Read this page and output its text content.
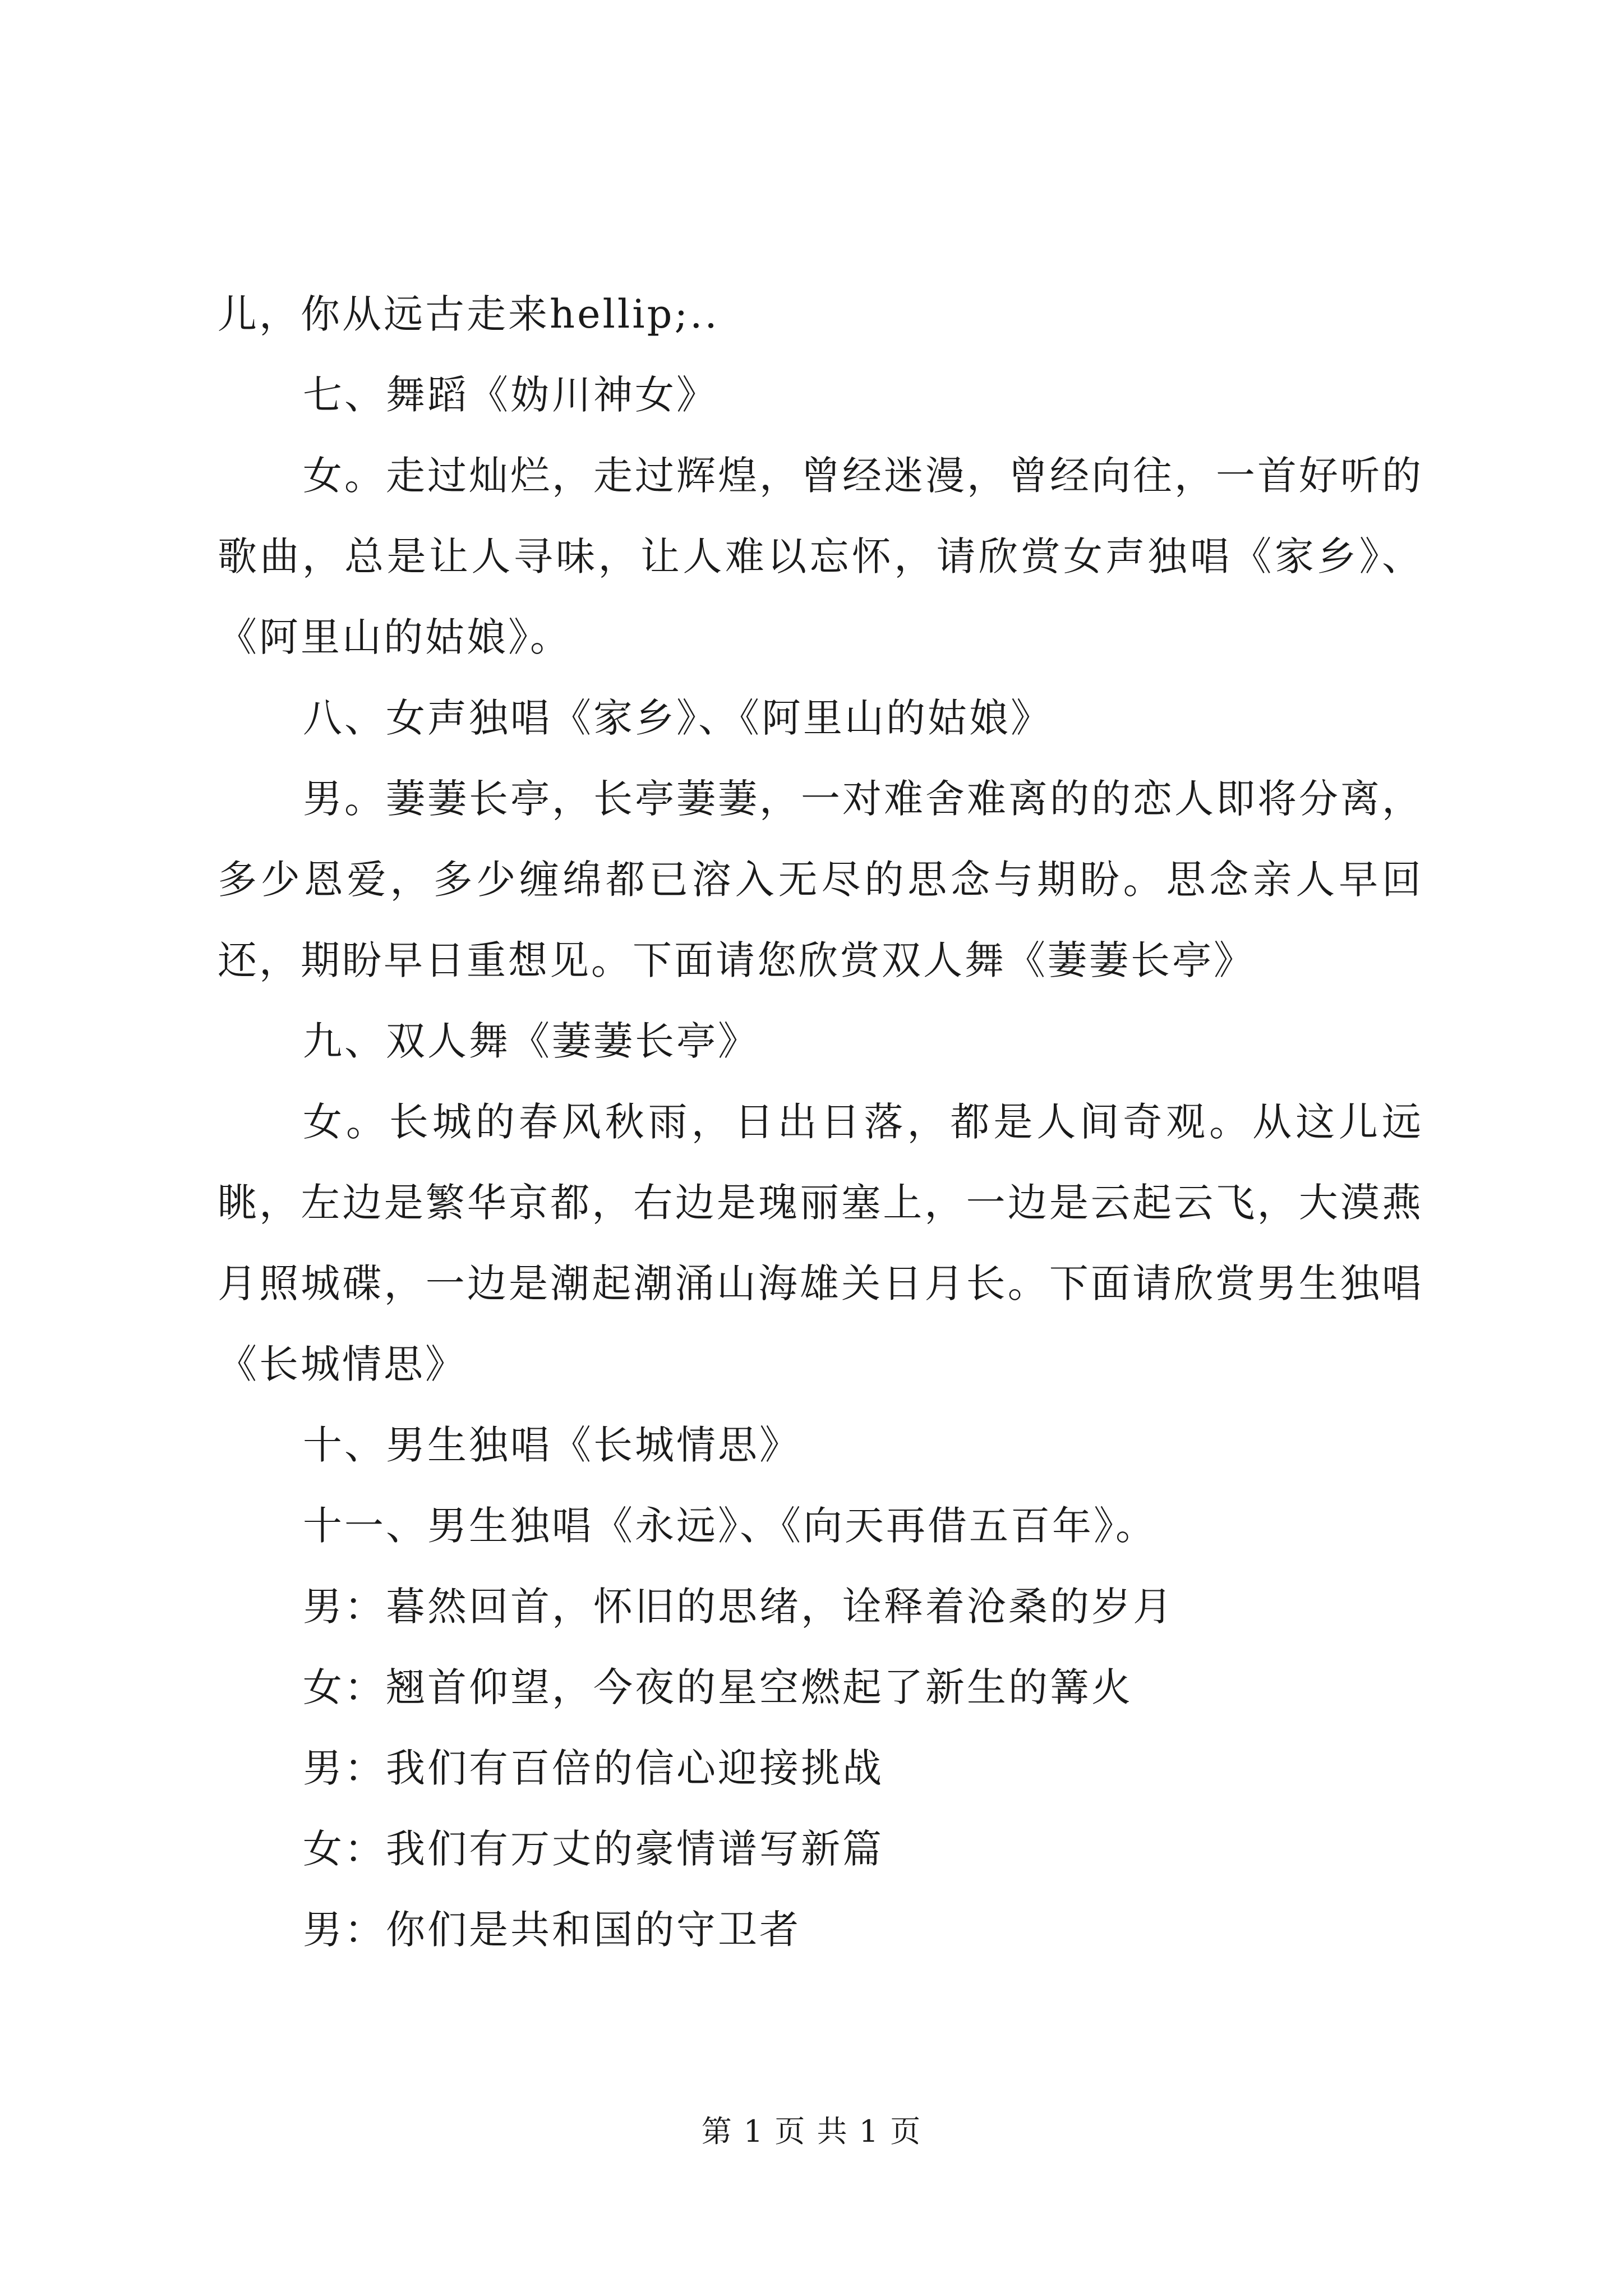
儿，你从远古走来hellip;..

七、舞蹈《妫川神女》

女。走过灿烂，走过辉煌，曾经迷漫，曾经向往，一首好听的歌曲，总是让人寻味，让人难以忘怀，请欣赏女声独唱《家乡》、《阿里山的姑娘》。

八、女声独唱《家乡》、《阿里山的姑娘》

男。萋萋长亭，长亭萋萋，一对难舍难离的的恋人即将分离，多少恩爱，多少缠绵都已溶入无尽的思念与期盼。思念亲人早回还，期盼早日重想见。下面请您欣赏双人舞《萋萋长亭》

九、双人舞《萋萋长亭》

女。长城的春风秋雨，日出日落，都是人间奇观。从这儿远眺，左边是繁华京都，右边是瑰丽塞上，一边是云起云飞，大漠燕月照城碟，一边是潮起潮涌山海雄关日月长。下面请欣赏男生独唱《长城情思》

十、男生独唱《长城情思》

十一、男生独唱《永远》、《向天再借五百年》。

男：暮然回首，怀旧的思绪，诠释着沧桑的岁月

女：翘首仰望，今夜的星空燃起了新生的篝火

男：我们有百倍的信心迎接挑战

女：我们有万丈的豪情谱写新篇

男：你们是共和国的守卫者

第 1 页 共 1 页
